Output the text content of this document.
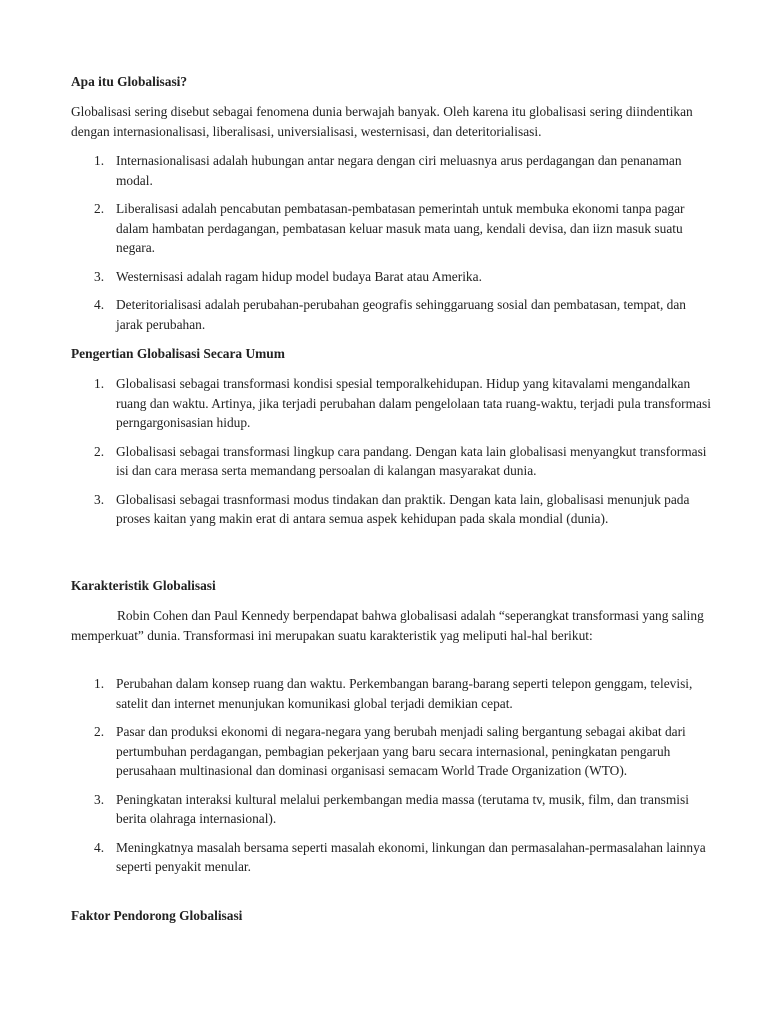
Apa itu Globalisasi?

Globalisasi sering disebut sebagai fenomena dunia berwajah banyak. Oleh karena itu globalisasi sering diindentikan dengan internasionalisasi, liberalisasi, universialisasi, westernisasi, dan deteritorialisasi.

1. Internasionalisasi adalah hubungan antar negara dengan ciri meluasnya arus perdagangan dan penanaman modal.
2. Liberalisasi adalah pencabutan pembatasan-pembatasan pemerintah untuk membuka ekonomi tanpa pagar dalam hambatan perdagangan, pembatasan keluar masuk mata uang, kendali devisa, dan iizn masuk suatu negara.
3. Westernisasi adalah ragam hidup model budaya Barat atau Amerika.
4. Deteritorialisasi adalah perubahan-perubahan geografis sehinggaruang sosial dan pembatasan, tempat, dan jarak perubahan.
Pengertian Globalisasi Secara Umum
1. Globalisasi sebagai transformasi kondisi spesial temporalkehidupan. Hidup yang kitavalami mengandalkan ruang dan waktu. Artinya, jika terjadi perubahan dalam pengelolaan tata ruang-waktu, terjadi pula transformasi perngargonisasian hidup.
2. Globalisasi sebagai transformasi lingkup cara pandang. Dengan kata lain globalisasi menyangkut transformasi isi dan cara merasa serta memandang persoalan di kalangan masyarakat dunia.
3. Globalisasi sebagai trasnformasi modus tindakan dan praktik. Dengan kata lain, globalisasi menunjuk pada proses kaitan yang makin erat di antara semua aspek kehidupan pada skala mondial (dunia).
Karakteristik Globalisasi

Robin Cohen dan Paul Kennedy berpendapat bahwa globalisasi adalah “seperangkat transformasi yang saling memperkuat” dunia. Transformasi ini merupakan suatu karakteristik yag meliputi hal-hal berikut:

1. Perubahan dalam konsep ruang dan waktu. Perkembangan barang-barang seperti telepon genggam, televisi, satelit dan internet menunjukan komunikasi global terjadi demikian cepat.
2. Pasar dan produksi ekonomi di negara-negara yang berubah menjadi saling bergantung sebagai akibat dari pertumbuhan perdagangan, pembagian pekerjaan yang baru secara internasional, peningkatan pengaruh perusahaan multinasional dan dominasi organisasi semacam World Trade Organization (WTO).
3. Peningkatan interaksi kultural melalui perkembangan media massa (terutama tv, musik, film, dan transmisi berita olahraga internasional).
4. Meningkatnya masalah bersama seperti masalah ekonomi, linkungan dan permasalahan-permasalahan lainnya seperti penyakit menular.
Faktor Pendorong Globalisasi
